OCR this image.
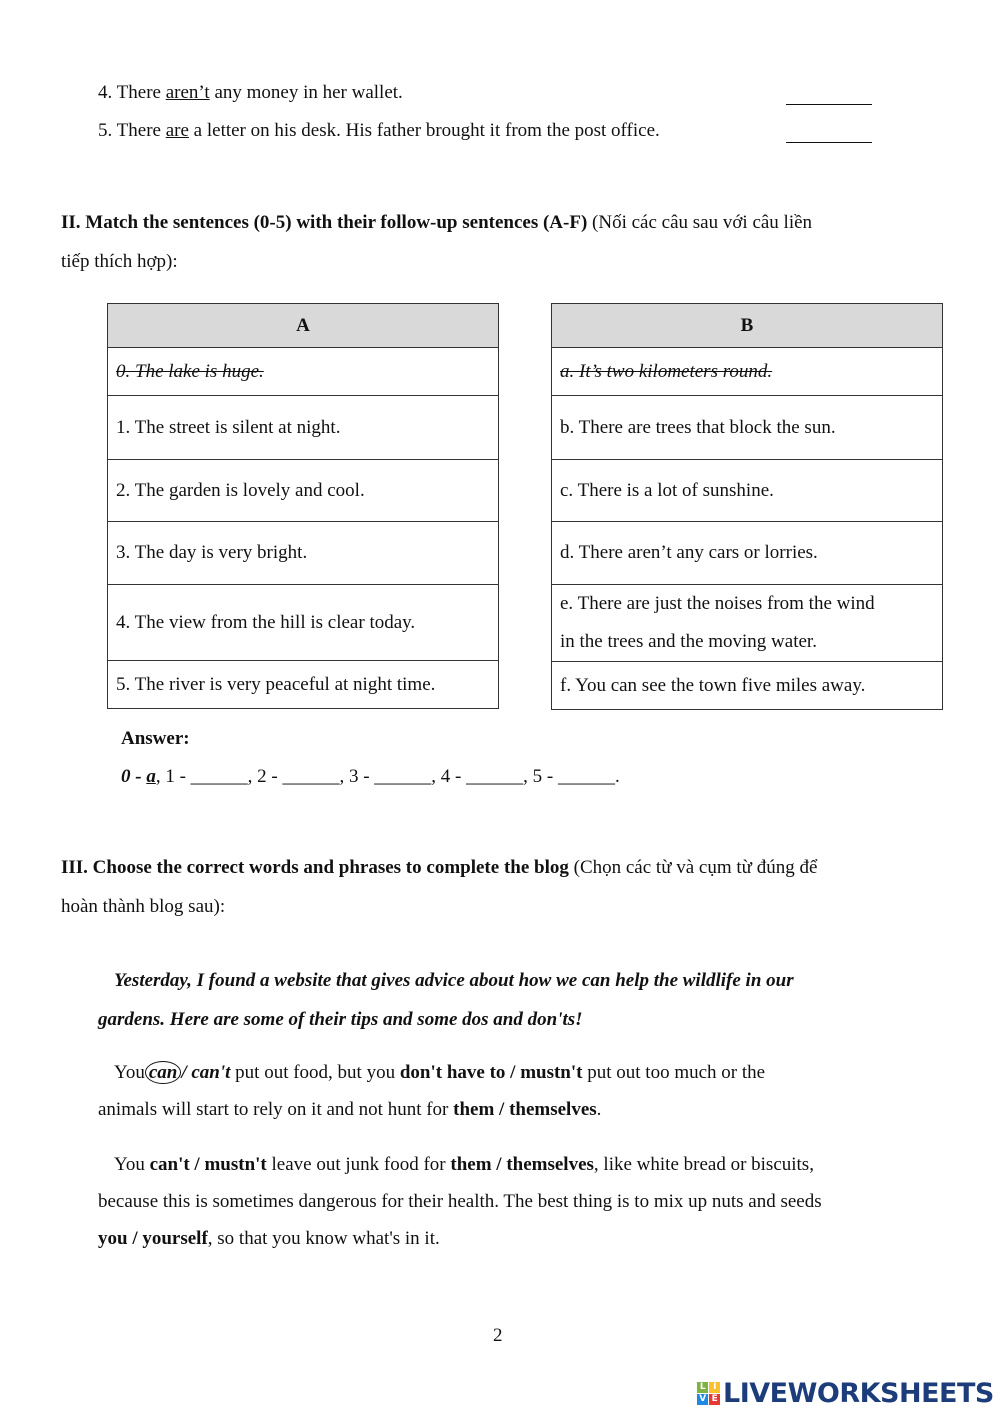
4. There aren’t any money in her wallet.
5. There are a letter on his desk. His father brought it from the post office.
II. Match the sentences (0-5) with their follow-up sentences (A-F) (Nối các câu sau với câu liền
tiếp thích hợp):
A
0. The lake is huge.
1. The street is silent at night.
2. The garden is lovely and cool.
3. The day is very bright.
4. The view from the hill is clear today.
5. The river is very peaceful at night time.
B
a. It’s two kilometers round.
b. There are trees that block the sun.
c. There is a lot of sunshine.
d. There aren’t any cars or lorries.
e. There are just the noises from the wind
in the trees and the moving water.
f. You can see the town five miles away.
Answer:
0 - a, 1 - ______, 2 - ______, 3 - ______, 4 - ______, 5 - ______.
III. Choose the correct words and phrases to complete the blog (Chọn các từ và cụm từ đúng để
hoàn thành blog sau):
Yesterday, I found a website that gives advice about how we can help the wildlife in our
gardens. Here are some of their tips and some dos and don'ts!
You can / can't put out food, but you don't have to / mustn't put out too much or the
animals will start to rely on it and not hunt for them / themselves.
You can't / mustn't leave out junk food for them / themselves, like white bread or biscuits,
because this is sometimes dangerous for their health. The best thing is to mix up nuts and seeds
you / yourself, so that you know what's in it.
2
L I
V E LIVEWORKSHEETS
